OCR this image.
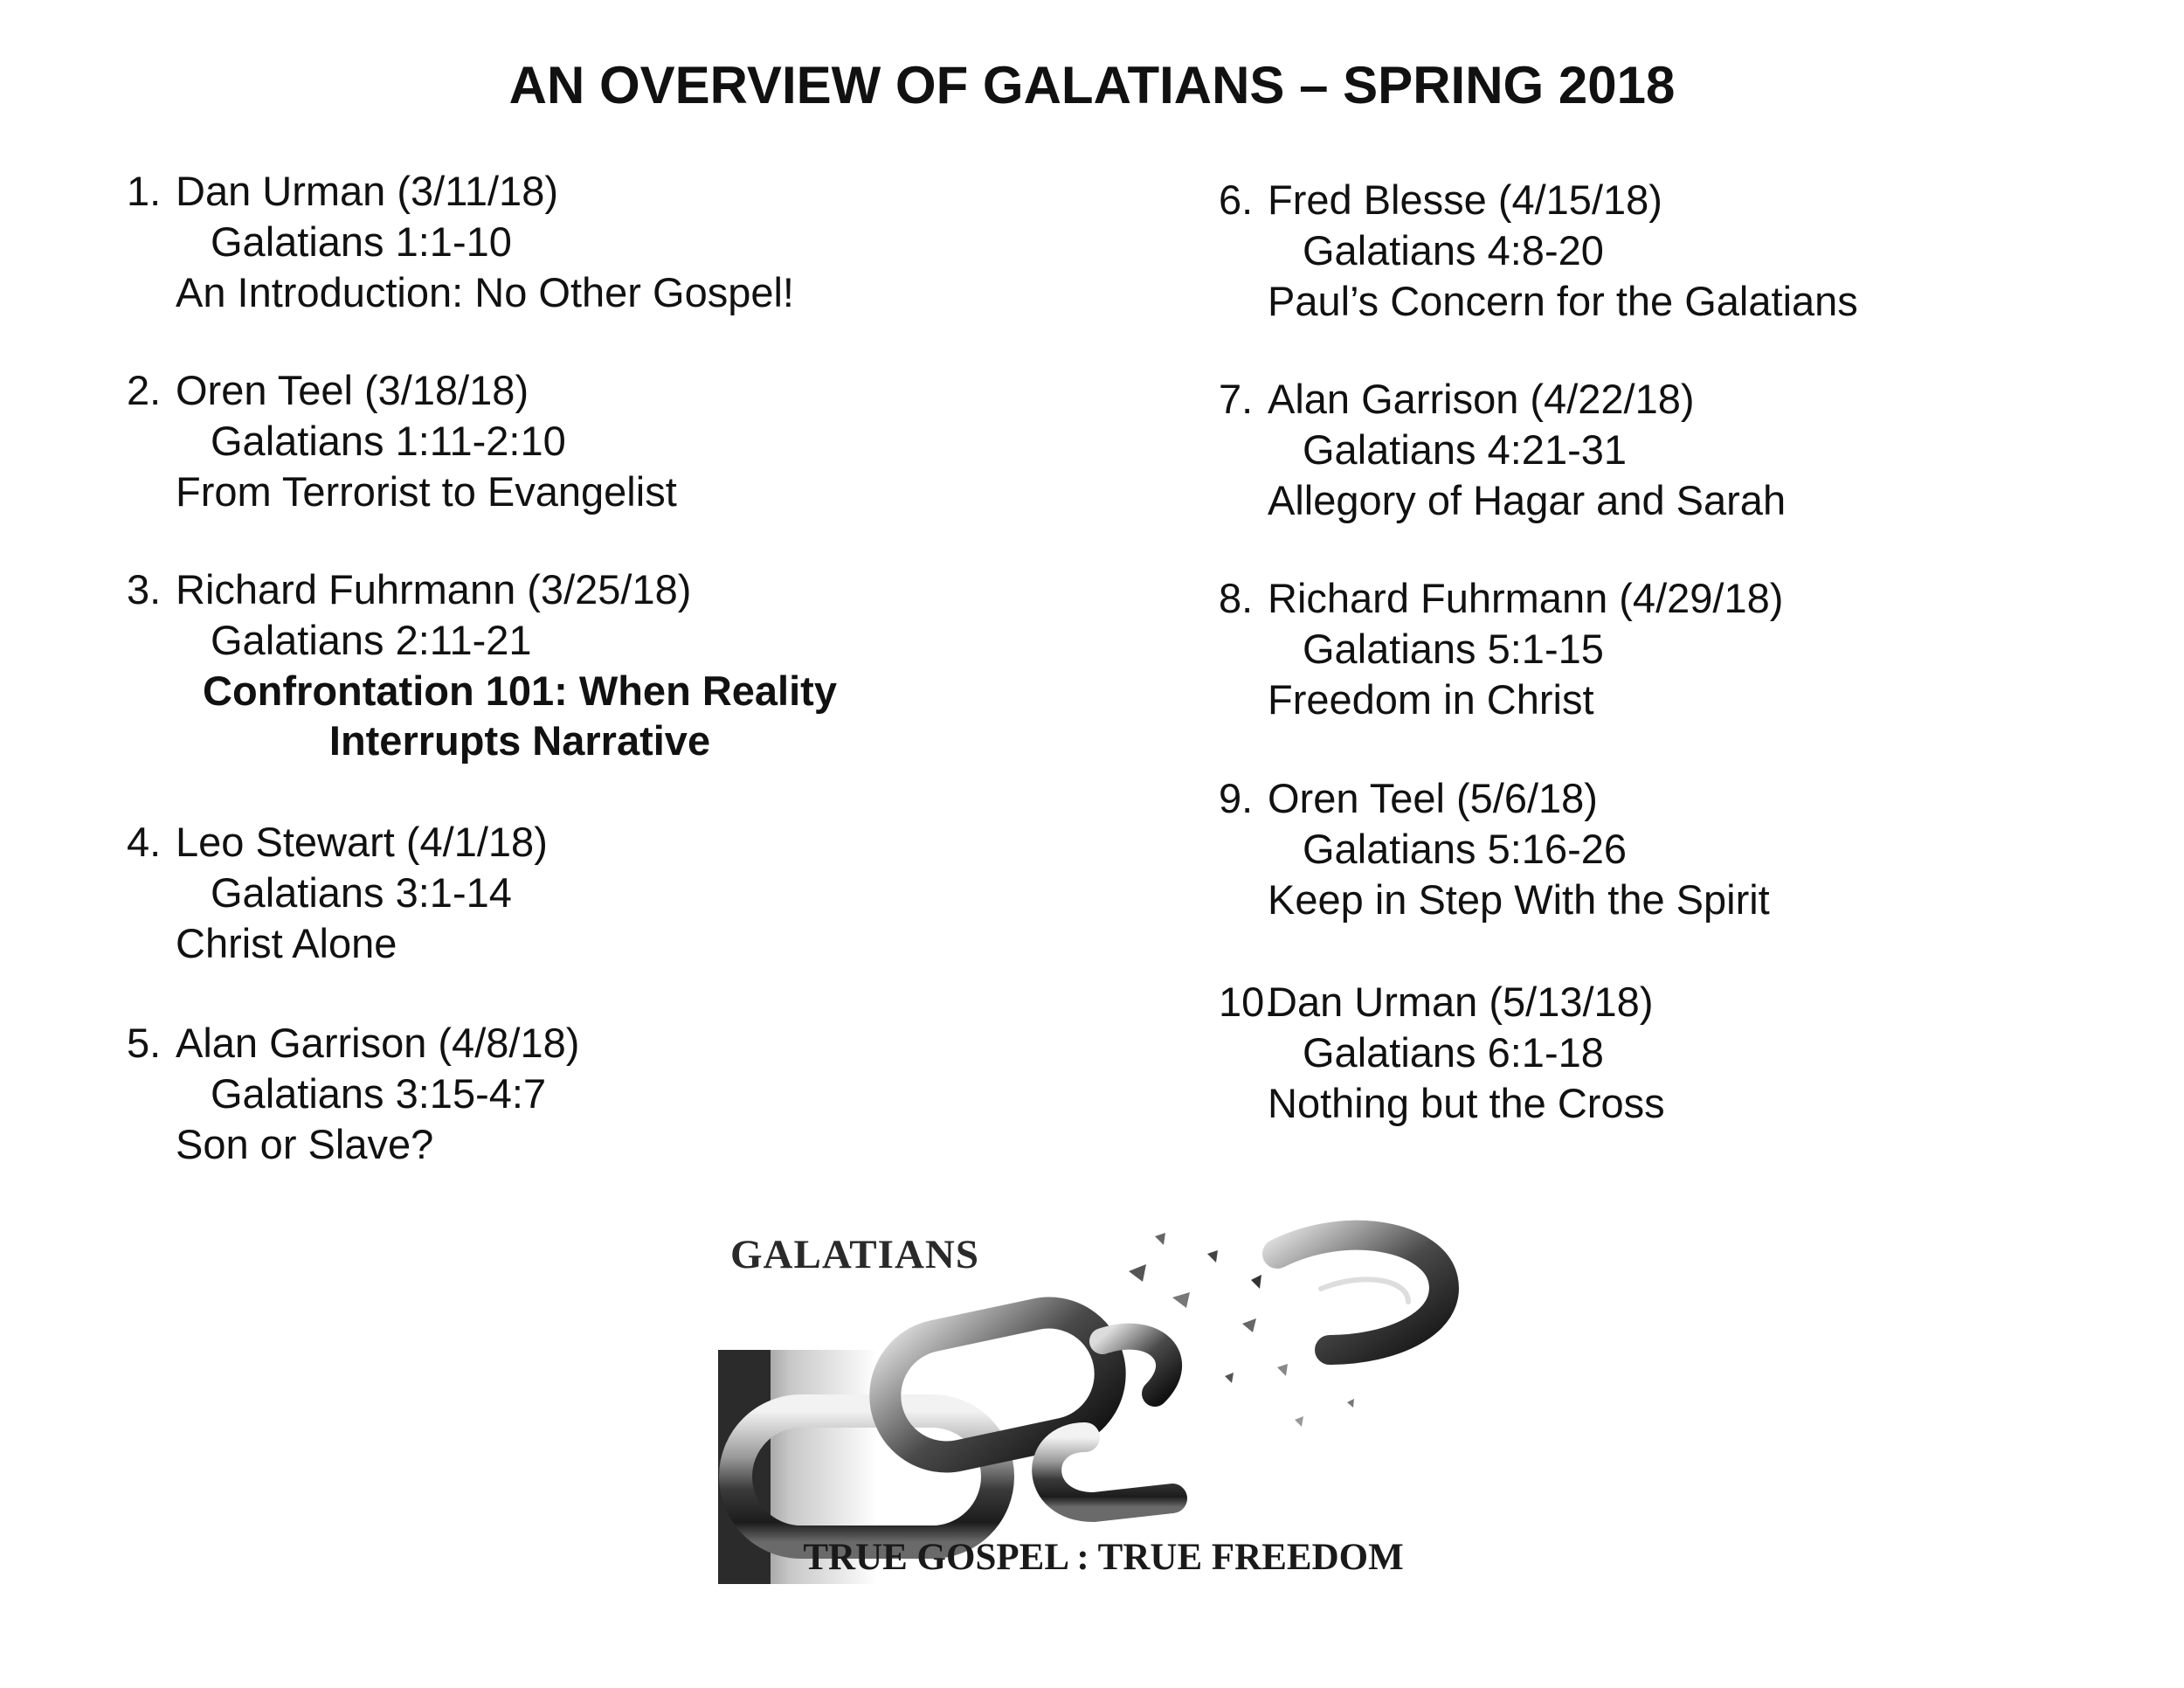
AN OVERVIEW OF GALATIANS – SPRING 2018
1. Dan Urman (3/11/18)
Galatians 1:1-10
An Introduction: No Other Gospel!
2. Oren Teel (3/18/18)
Galatians 1:11-2:10
From Terrorist to Evangelist
3. Richard Fuhrmann (3/25/18)
Galatians 2:11-21
Confrontation 101: When Reality
Interrupts Narrative
4. Leo Stewart (4/1/18)
Galatians 3:1-14
Christ Alone
5. Alan Garrison (4/8/18)
Galatians 3:15-4:7
Son or Slave?
6. Fred Blesse (4/15/18)
Galatians 4:8-20
Paul’s Concern for the Galatians
7. Alan Garrison (4/22/18)
Galatians 4:21-31
Allegory of Hagar and Sarah
8. Richard Fuhrmann (4/29/18)
Galatians 5:1-15
Freedom in Christ
9. Oren Teel (5/6/18)
Galatians 5:16-26
Keep in Step With the Spirit
10.Dan Urman (5/13/18)
Galatians 6:1-18
Nothing but the Cross
GALATIANS
TRUE GOSPEL : TRUE FREEDOM
